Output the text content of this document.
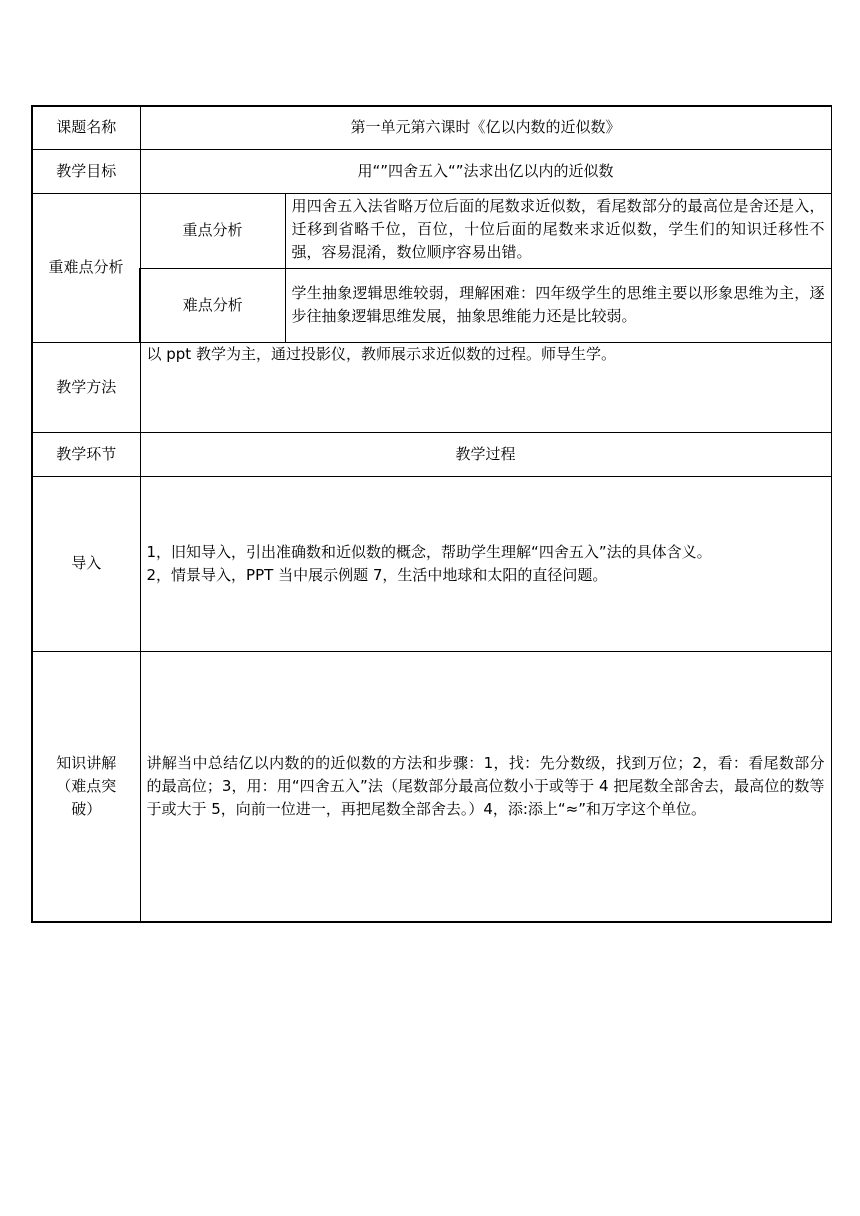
课题名称	第一单元第六课时《亿以内数的近似数》	
教学目标	用“”四舍五入“”法求出亿以内的近似数	
重难点分析	重点分析	用四舍五入法省略万位后面的尾数求近似数，看尾数部分的最高位是舍还是入，迁移到省略千位，百位，十位后面的尾数来求近似数，学生们的知识迁移性不强，容易混淆，数位顺序容易出错。
	难点分析	学生抽象逻辑思维较弱，理解困难：四年级学生的思维主要以形象思维为主，逐步往抽象逻辑思维发展，抽象思维能力还是比较弱。
教学方法	以 ppt 教学为主，通过投影仪，教师展示求近似数的过程。师导生学。	
教学环节	教学过程	
导入	1，旧知导入，引出准确数和近似数的概念，帮助学生理解“四舍五入”法的具体含义。
2，情景导入，PPT 当中展示例题 7，生活中地球和太阳的直径问题。	

知识讲解（难点突破）	讲解当中总结亿以内数的的近似数的方法和步骤：1，找：先分数级，找到万位；2，看：看尾数部分的最高位；3，用：用“四舍五入”法（尾数部分最高位数小于或等于 4 把尾数全部舍去，最高位的数等于或大于 5，向前一位进一，再把尾数全部舍去。）4，添:添上“≈”和万字这个单位。	
